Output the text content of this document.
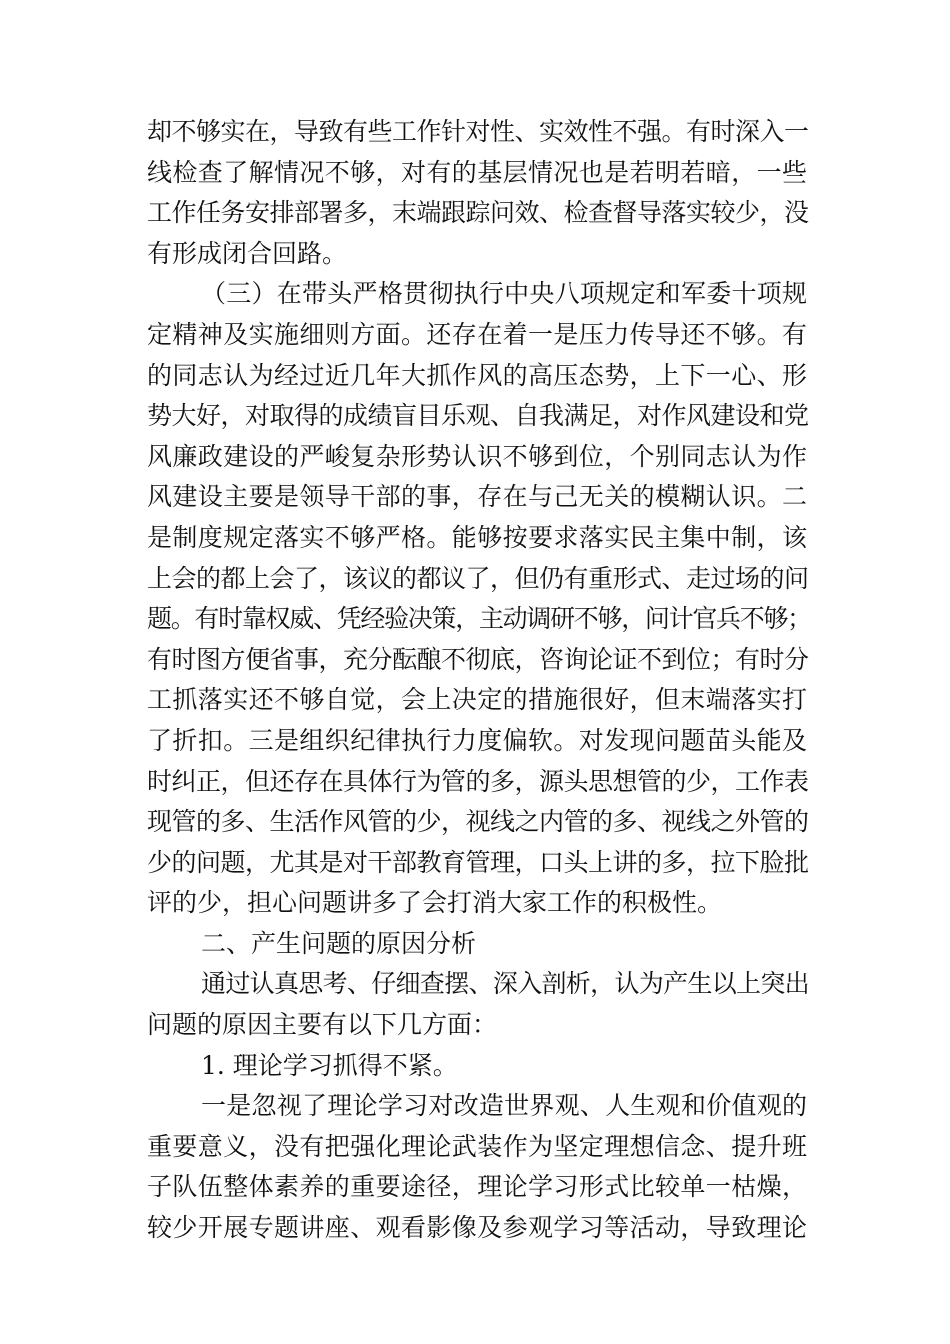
却不够实在，导致有些工作针对性、实效性不强。有时深入一
线检查了解情况不够，对有的基层情况也是若明若暗，一些
工作任务安排部署多，末端跟踪问效、检查督导落实较少，没
有形成闭合回路。
（三）在带头严格贯彻执行中央八项规定和军委十项规
定精神及实施细则方面。还存在着一是压力传导还不够。有
的同志认为经过近几年大抓作风的高压态势，上下一心、形
势大好，对取得的成绩盲目乐观、自我满足，对作风建设和党
风廉政建设的严峻复杂形势认识不够到位，个别同志认为作
风建设主要是领导干部的事，存在与己无关的模糊认识。二
是制度规定落实不够严格。能够按要求落实民主集中制，该
上会的都上会了，该议的都议了，但仍有重形式、走过场的问
题。有时靠权威、凭经验决策，主动调研不够，问计官兵不够；
有时图方便省事，充分酝酿不彻底，咨询论证不到位；有时分
工抓落实还不够自觉，会上决定的措施很好，但末端落实打
了折扣。三是组织纪律执行力度偏软。对发现问题苗头能及
时纠正，但还存在具体行为管的多，源头思想管的少，工作表
现管的多、生活作风管的少，视线之内管的多、视线之外管的
少的问题，尤其是对干部教育管理，口头上讲的多，拉下脸批
评的少，担心问题讲多了会打消大家工作的积极性。
二、产生问题的原因分析
通过认真思考、仔细查摆、深入剖析，认为产生以上突出
问题的原因主要有以下几方面：
1. 理论学习抓得不紧。
一是忽视了理论学习对改造世界观、人生观和价值观的
重要意义，没有把强化理论武装作为坚定理想信念、提升班
子队伍整体素养的重要途径，理论学习形式比较单一枯燥，
较少开展专题讲座、观看影像及参观学习等活动，导致理论
